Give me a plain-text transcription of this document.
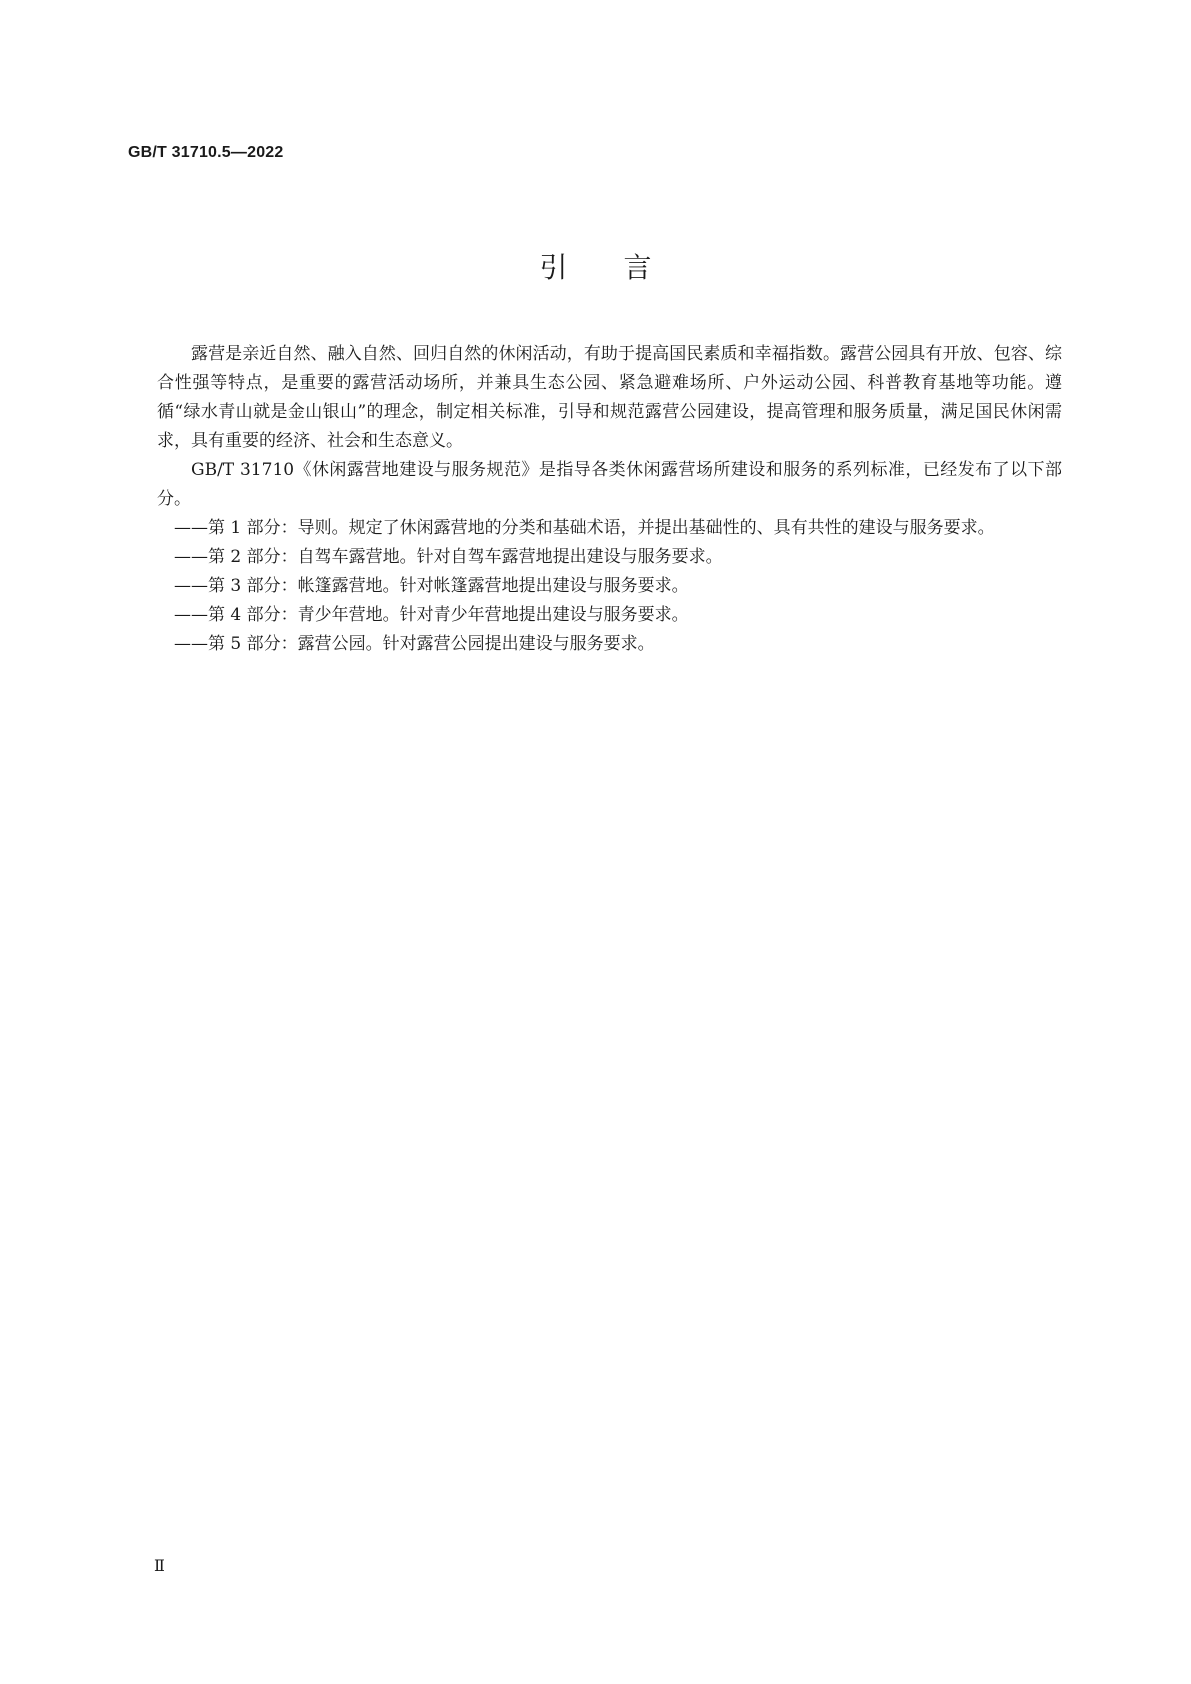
GB/T 31710.5—2022
引言

露营是亲近自然、融入自然、回归自然的休闲活动，有助于提高国民素质和幸福指数。露营公园具有开放、包容、综合性强等特点，是重要的露营活动场所，并兼具生态公园、紧急避难场所、户外运动公园、科普教育基地等功能。遵循“绿水青山就是金山银山”的理念，制定相关标准，引导和规范露营公园建设，提高管理和服务质量，满足国民休闲需求，具有重要的经济、社会和生态意义。

GB/T 31710《休闲露营地建设与服务规范》是指导各类休闲露营场所建设和服务的系列标准，已经发布了以下部分。

——第 1 部分：导则。规定了休闲露营地的分类和基础术语，并提出基础性的、具有共性的建设与服务要求。
——第 2 部分：自驾车露营地。针对自驾车露营地提出建设与服务要求。
——第 3 部分：帐篷露营地。针对帐篷露营地提出建设与服务要求。
——第 4 部分：青少年营地。针对青少年营地提出建设与服务要求。
——第 5 部分：露营公园。针对露营公园提出建设与服务要求。
Ⅱ
